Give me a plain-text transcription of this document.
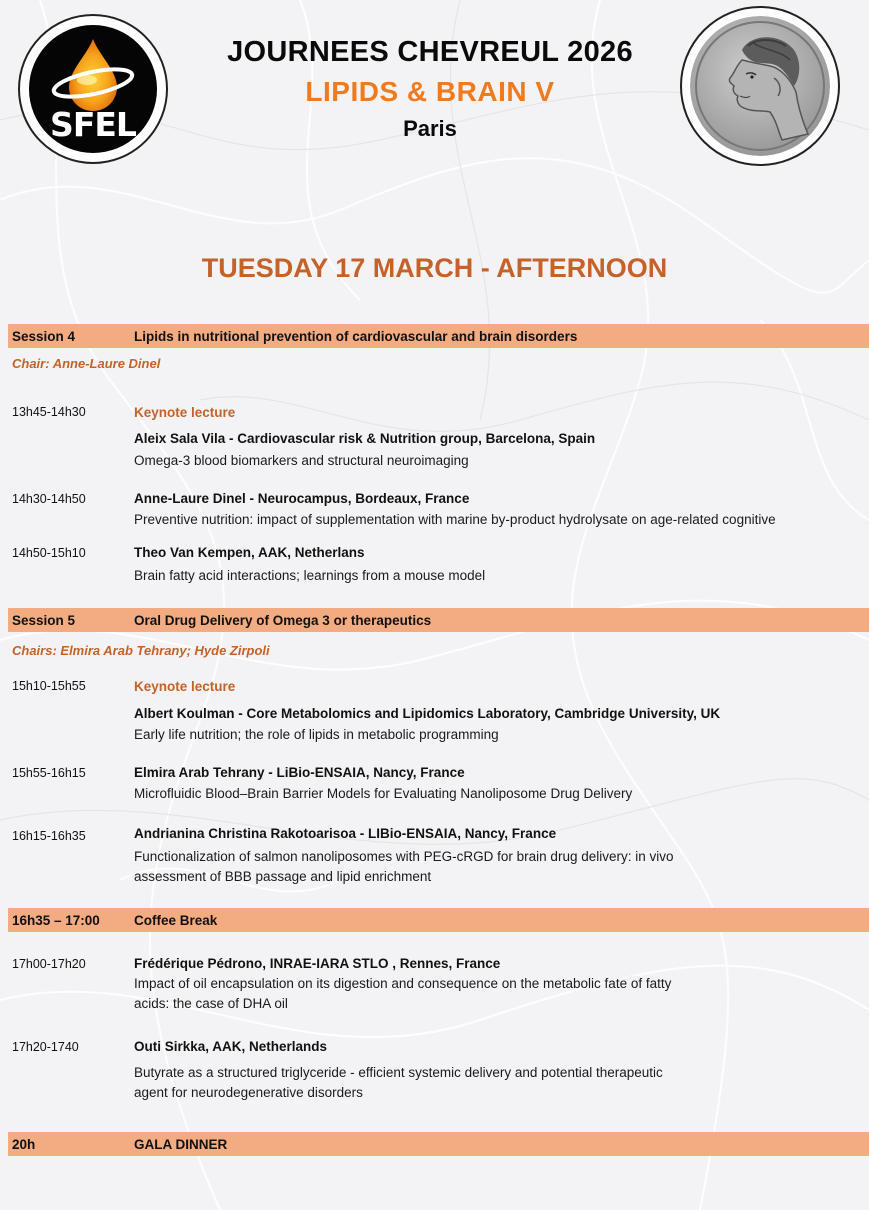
SFEL
JOURNEES CHEVREUL 2026
LIPIDS & BRAIN V
Paris
TUESDAY 17 MARCH - AFTERNOON
Session 4	Lipids in nutritional prevention of cardiovascular and brain disorders
Chair: Anne-Laure Dinel
13h45-14h30	Keynote lecture
Aleix Sala Vila - Cardiovascular risk & Nutrition group, Barcelona, Spain
Omega-3 blood biomarkers and structural neuroimaging
14h30-14h50	Anne-Laure Dinel - Neurocampus, Bordeaux, France
Preventive nutrition: impact of supplementation with marine by-product hydrolysate on age-related cognitive
14h50-15h10	Theo Van Kempen, AAK, Netherlans
Brain fatty acid interactions; learnings from a mouse model
Session 5	Oral Drug Delivery of Omega 3 or therapeutics
Chairs: Elmira Arab Tehrany; Hyde Zirpoli
15h10-15h55	Keynote lecture
Albert Koulman - Core Metabolomics and Lipidomics Laboratory, Cambridge University, UK
Early life nutrition; the role of lipids in metabolic programming
15h55-16h15	Elmira Arab Tehrany - LiBio-ENSAIA, Nancy, France
Microfluidic Blood–Brain Barrier Models for Evaluating Nanoliposome Drug Delivery
16h15-16h35	Andrianina Christina Rakotoarisoa - LIBio-ENSAIA, Nancy, France
Functionalization of salmon nanoliposomes with PEG-cRGD for brain drug delivery: in vivo
assessment of BBB passage and lipid enrichment
16h35 – 17:00	Coffee Break
17h00-17h20	Frédérique Pédrono, INRAE-IARA STLO , Rennes, France
Impact of oil encapsulation on its digestion and consequence on the metabolic fate of fatty
acids: the case of DHA oil
17h20-1740	Outi Sirkka, AAK, Netherlands
Butyrate as a structured triglyceride - efficient systemic delivery and potential therapeutic
agent for neurodegenerative disorders
20h	GALA DINNER
